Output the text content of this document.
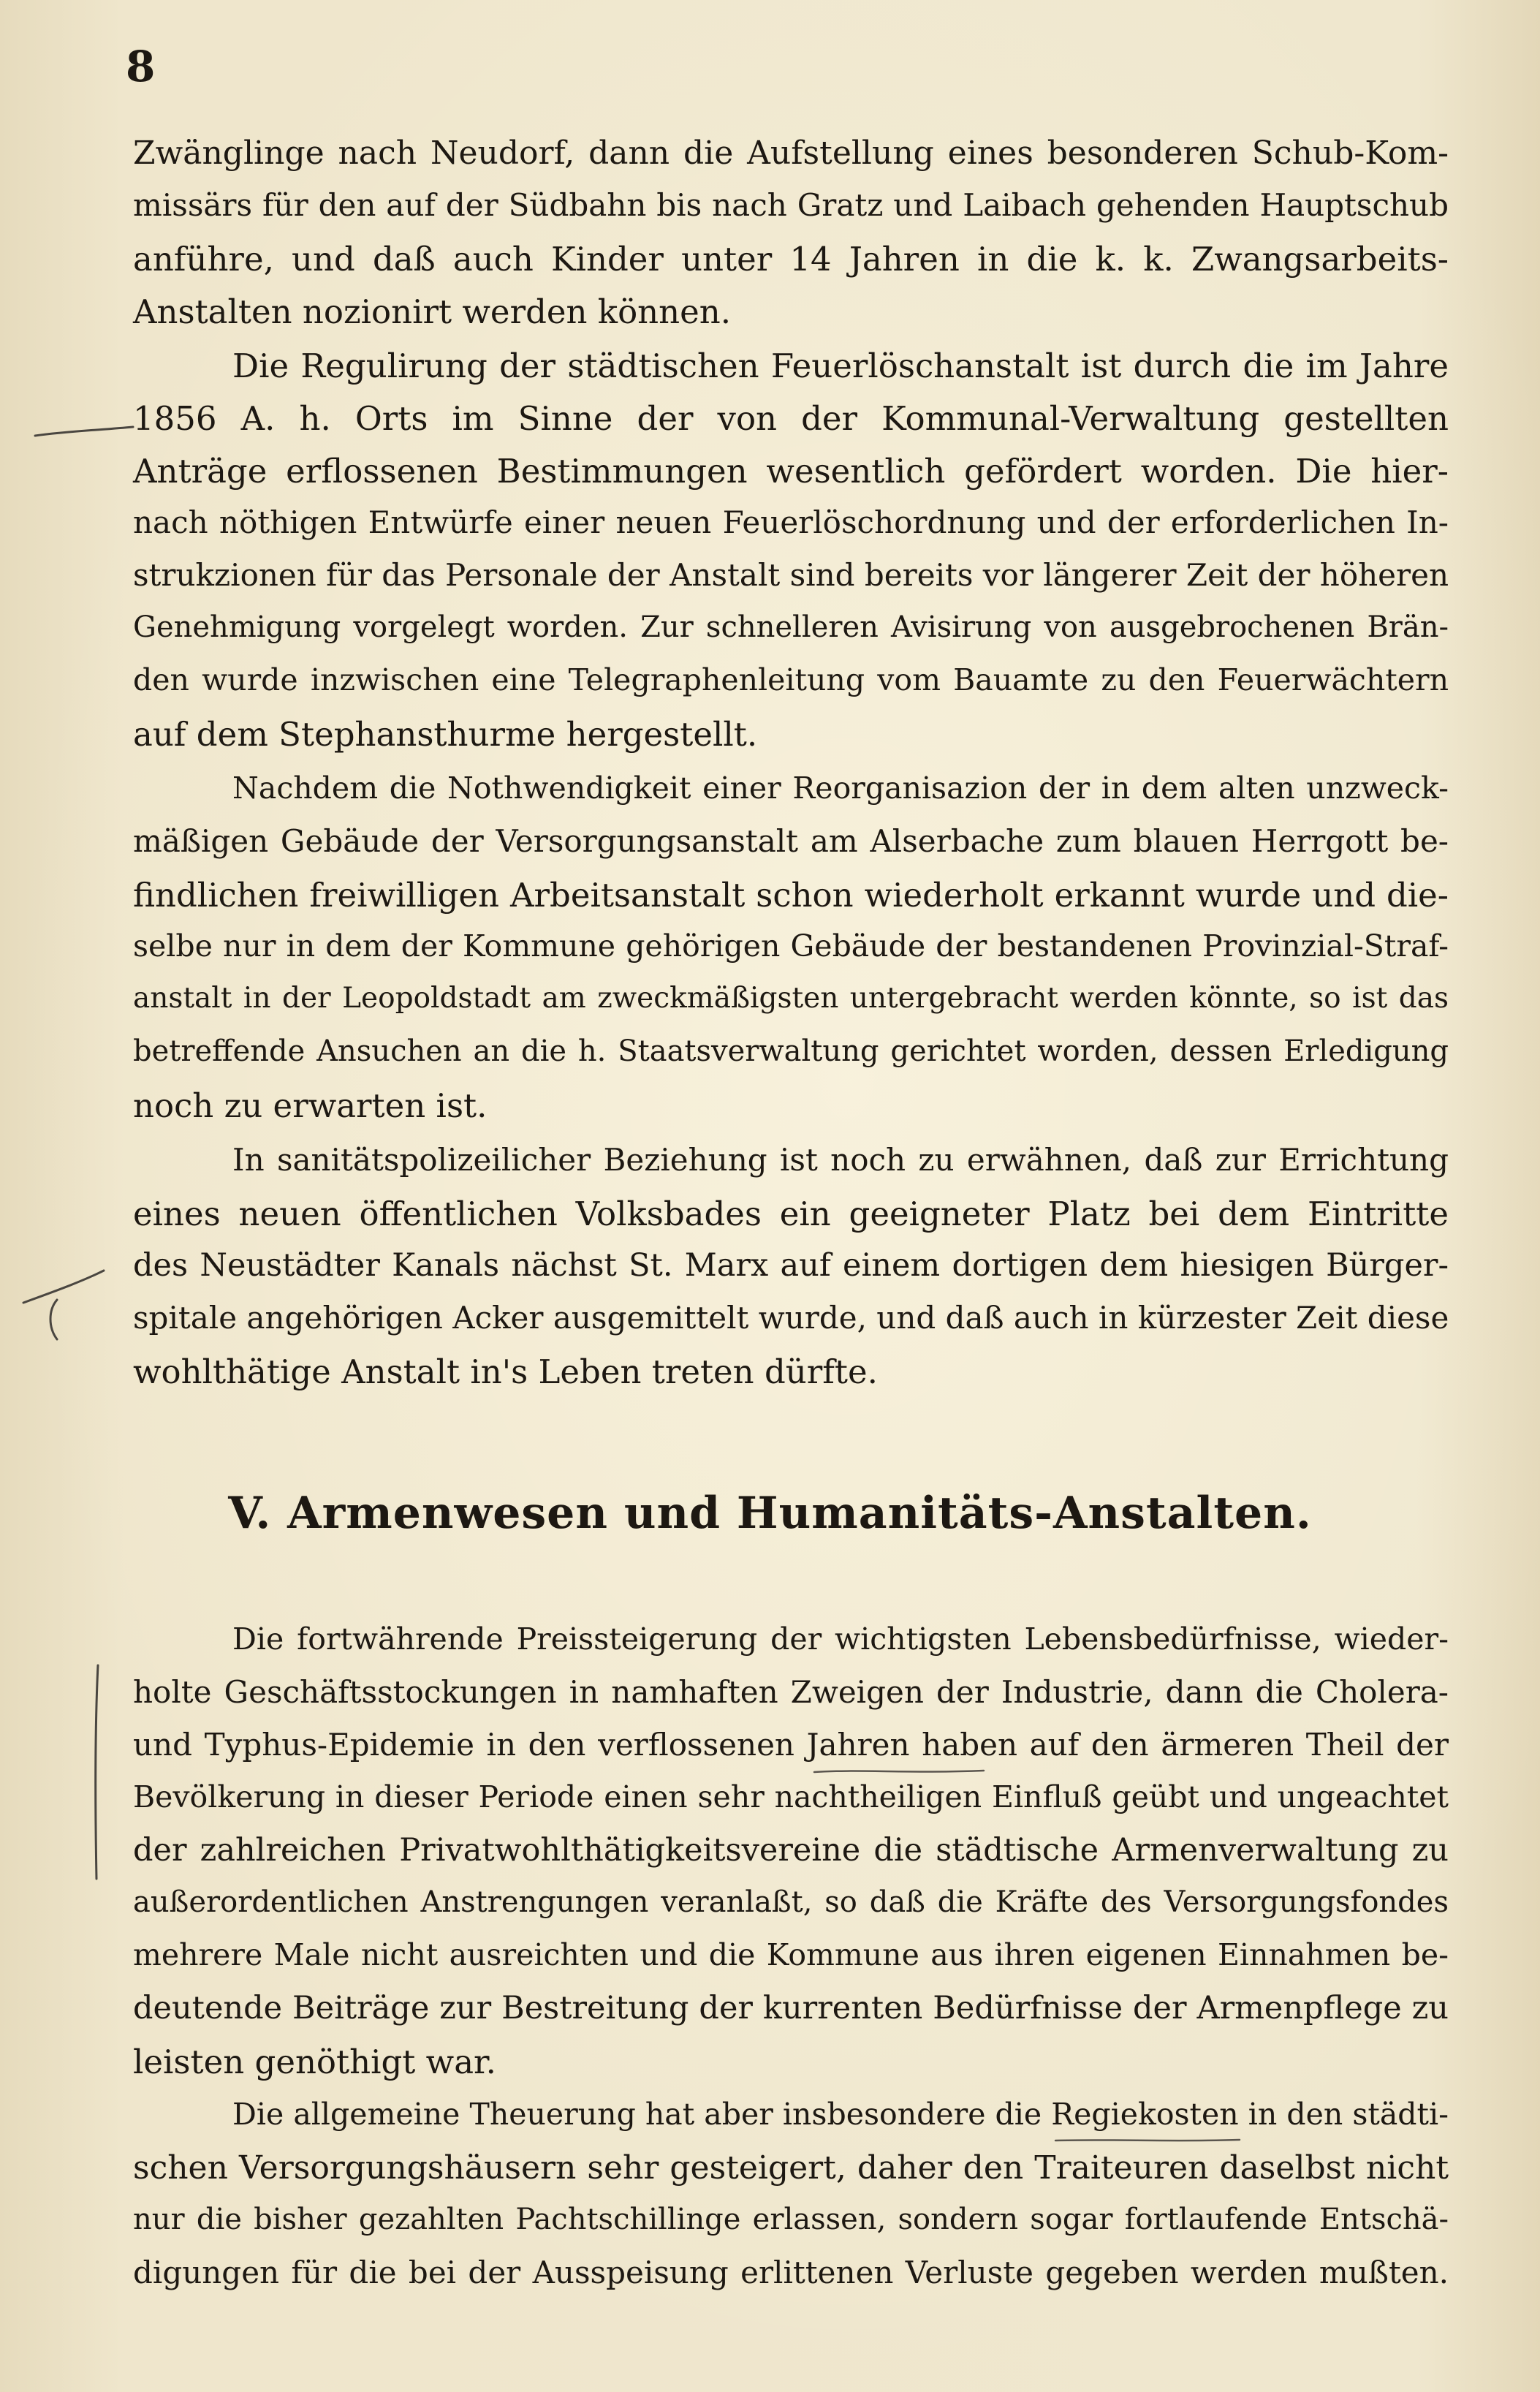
8
Zwänglinge nach Neudorf, dann die Aufstellung eines besonderen Schub-Kom-
missärs für den auf der Südbahn bis nach Gratz und Laibach gehenden Hauptschub
anführe, und daß auch Kinder unter 14 Jahren in die k. k. Zwangsarbeits-
Anstalten nozionirt werden können.
Die Regulirung der städtischen Feuerlöschanstalt ist durch die im Jahre
1856 A. h. Orts im Sinne der von der Kommunal-Verwaltung gestellten
Anträge erflossenen Bestimmungen wesentlich gefördert worden. Die hier-
nach nöthigen Entwürfe einer neuen Feuerlöschordnung und der erforderlichen In-
strukzionen für das Personale der Anstalt sind bereits vor längerer Zeit der höheren
Genehmigung vorgelegt worden. Zur schnelleren Avisirung von ausgebrochenen Brän-
den wurde inzwischen eine Telegraphenleitung vom Bauamte zu den Feuerwächtern
auf dem Stephansthurme hergestellt.
Nachdem die Nothwendigkeit einer Reorganisazion der in dem alten unzweck-
mäßigen Gebäude der Versorgungsanstalt am Alserbache zum blauen Herrgott be-
findlichen freiwilligen Arbeitsanstalt schon wiederholt erkannt wurde und die-
selbe nur in dem der Kommune gehörigen Gebäude der bestandenen Provinzial-Straf-
anstalt in der Leopoldstadt am zweckmäßigsten untergebracht werden könnte, so ist das
betreffende Ansuchen an die h. Staatsverwaltung gerichtet worden, dessen Erledigung
noch zu erwarten ist.
In sanitätspolizeilicher Beziehung ist noch zu erwähnen, daß zur Errichtung
eines neuen öffentlichen Volksbades ein geeigneter Platz bei dem Eintritte
des Neustädter Kanals nächst St. Marx auf einem dortigen dem hiesigen Bürger-
spitale angehörigen Acker ausgemittelt wurde, und daß auch in kürzester Zeit diese
wohlthätige Anstalt in's Leben treten dürfte.
V. Armenwesen und Humanitäts-Anstalten.
Die fortwährende Preissteigerung der wichtigsten Lebensbedürfnisse, wieder-
holte Geschäftsstockungen in namhaften Zweigen der Industrie, dann die Cholera-
und Typhus-Epidemie in den verflossenen Jahren haben auf den ärmeren Theil der
Bevölkerung in dieser Periode einen sehr nachtheiligen Einfluß geübt und ungeachtet
der zahlreichen Privatwohlthätigkeitsvereine die städtische Armenverwaltung zu
außerordentlichen Anstrengungen veranlaßt, so daß die Kräfte des Versorgungsfondes
mehrere Male nicht ausreichten und die Kommune aus ihren eigenen Einnahmen be-
deutende Beiträge zur Bestreitung der kurrenten Bedürfnisse der Armenpflege zu
leisten genöthigt war.
Die allgemeine Theuerung hat aber insbesondere die Regiekosten in den städti-
schen Versorgungshäusern sehr gesteigert, daher den Traiteuren daselbst nicht
nur die bisher gezahlten Pachtschillinge erlassen, sondern sogar fortlaufende Entschä-
digungen für die bei der Ausspeisung erlittenen Verluste gegeben werden mußten.
